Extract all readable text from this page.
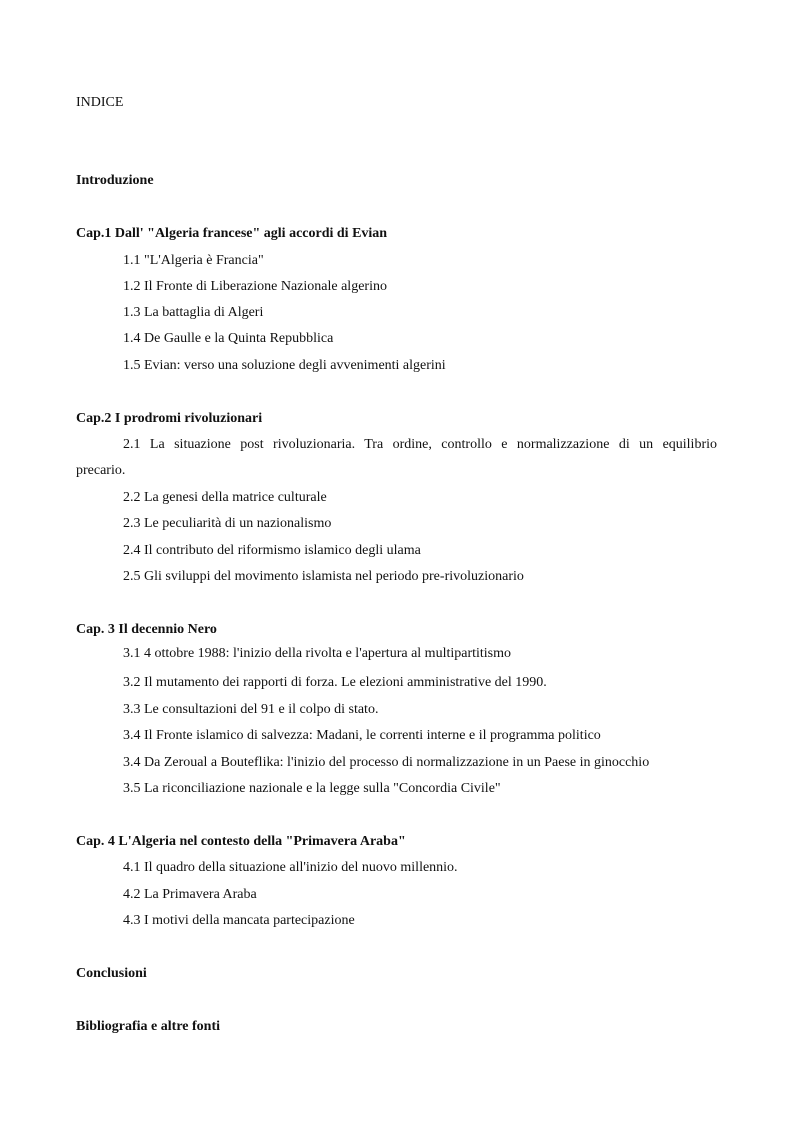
INDICE
Introduzione
Cap.1 Dall' "Algeria francese" agli accordi di Evian
1.1 "L'Algeria è Francia"
1.2 Il Fronte di Liberazione Nazionale algerino
1.3 La battaglia di Algeri
1.4 De Gaulle e la Quinta Repubblica
1.5 Evian: verso una soluzione degli avvenimenti algerini
Cap.2 I prodromi rivoluzionari
2.1 La situazione post rivoluzionaria. Tra ordine, controllo e normalizzazione di un equilibrio
precario.
2.2 La genesi della matrice culturale
2.3 Le peculiarità di un nazionalismo
2.4 Il contributo del riformismo islamico degli ulama
2.5 Gli sviluppi del movimento islamista nel periodo pre-rivoluzionario
Cap. 3 Il decennio Nero
3.1 4 ottobre 1988: l'inizio della rivolta e l'apertura al multipartitismo
3.2 Il mutamento dei rapporti di forza. Le elezioni amministrative del 1990.
3.3 Le consultazioni del 91 e il colpo di stato.
3.4 Il Fronte islamico di salvezza: Madani, le correnti interne e il programma politico
3.4 Da Zeroual a Bouteflika: l'inizio del processo di normalizzazione in un Paese in ginocchio
3.5 La riconciliazione nazionale e la legge sulla "Concordia Civile"
Cap. 4 L'Algeria nel contesto della "Primavera Araba"
4.1 Il quadro della situazione all'inizio del nuovo millennio.
4.2 La Primavera Araba
4.3 I motivi della mancata partecipazione
Conclusioni
Bibliografia e altre fonti
